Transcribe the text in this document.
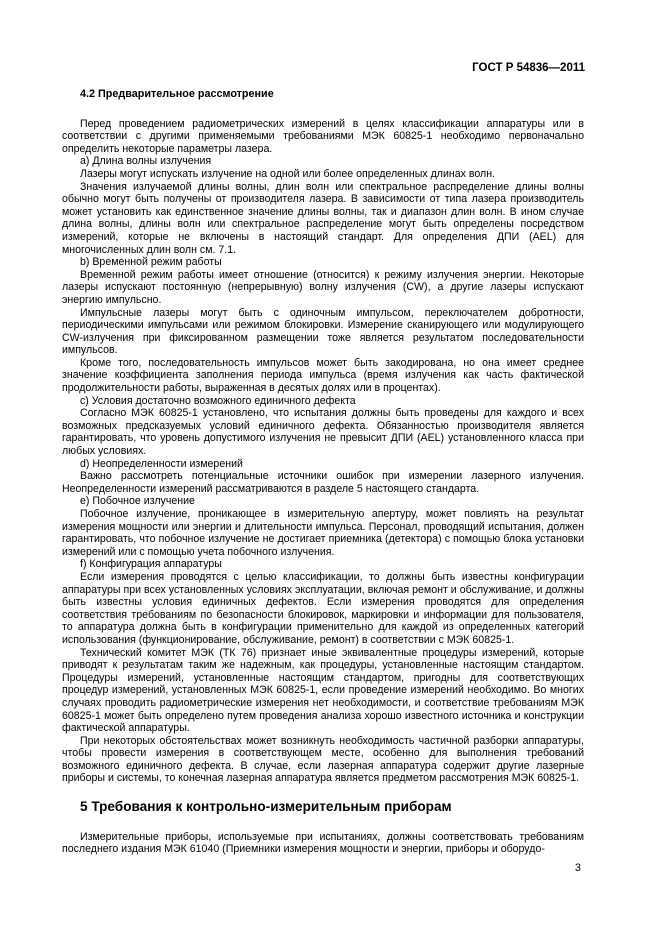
ГОСТ Р 54836—2011
4.2 Предварительное рассмотрение

Перед проведением радиометрических измерений в целях классификации аппаратуры или в соответствии с другими применяемыми требованиями МЭК 60825-1 необходимо первоначально определить некоторые параметры лазера.

а) Длина волны излучения

Лазеры могут испускать излучение на одной или более определенных длинах волн.

Значения излучаемой длины волны, длин волн или спектральное распределение длины волны обычно могут быть получены от производителя лазера. В зависимости от типа лазера производитель может установить как единственное значение длины волны, так и диапазон длин волн. В ином случае длина волны, длины волн или спектральное распределение могут быть определены посредством измерений, которые не включены в настоящий стандарт. Для определения ДПИ (AEL) для многочисленных длин волн см. 7.1.

b) Временной режим работы

Временной режим работы имеет отношение (относится) к режиму излучения энергии. Некоторые лазеры испускают постоянную (непрерывную) волну излучения (CW), а другие лазеры испускают энергию импульсно.

Импульсные лазеры могут быть с одиночным импульсом, переключателем добротности, периодическими импульсами или режимом блокировки. Измерение сканирующего или модулирующего CW-излучения при фиксированном размещении тоже является результатом последовательности импульсов.

Кроме того, последовательность импульсов может быть закодирована, но она имеет среднее значение коэффициента заполнения периода импульса (время излучения как часть фактической продолжительности работы, выраженная в десятых долях или в процентах).

с) Условия достаточно возможного единичного дефекта

Согласно МЭК 60825-1 установлено, что испытания должны быть проведены для каждого и всех возможных предсказуемых условий единичного дефекта. Обязанностью производителя является гарантировать, что уровень допустимого излучения не превысит ДПИ (AEL) установленного класса при любых условиях.

d) Неопределенности измерений

Важно рассмотреть потенциальные источники ошибок при измерении лазерного излучения. Неопределенности измерений рассматриваются в разделе 5 настоящего стандарта.

е) Побочное излучение

Побочное излучение, проникающее в измерительную апертуру, может повлиять на результат измерения мощности или энергии и длительности импульса. Персонал, проводящий испытания, должен гарантировать, что побочное излучение не достигает приемника (детектора) с помощью блока установки измерений или с помощью учета побочного излучения.

f) Конфигурация аппаратуры

Если измерения проводятся с целью классификации, то должны быть известны конфигурации аппаратуры при всех установленных условиях эксплуатации, включая ремонт и обслуживание, и должны быть известны условия единичных дефектов. Если измерения проводятся для определения соответствия требованиям по безопасности блокировок, маркировки и информации для пользователя, то аппаратура должна быть в конфигурации применительно для каждой из определенных категорий использования (функционирование, обслуживание, ремонт) в соответствии с МЭК 60825-1.

Технический комитет МЭК (ТК 76) признает иные эквивалентные процедуры измерений, которые приводят к результатам таким же надежным, как процедуры, установленные настоящим стандартом. Процедуры измерений, установленные настоящим стандартом, пригодны для соответствующих процедур измерений, установленных МЭК 60825-1, если проведение измерений необходимо. Во многих случаях проводить радиометрические измерения нет необходимости, и соответствие требованиям МЭК 60825-1 может быть определено путем проведения анализа хорошо известного источника и конструкции фактической аппаратуры.

При некоторых обстоятельствах может возникнуть необходимость частичной разборки аппаратуры, чтобы провести измерения в соответствующем месте, особенно для выполнения требований возможного единичного дефекта. В случае, если лазерная аппаратура содержит другие лазерные приборы и системы, то конечная лазерная аппаратура является предметом рассмотрения МЭК 60825-1.

5 Требования к контрольно-измерительным приборам

Измерительные приборы, используемые при испытаниях, должны соответствовать требованиям последнего издания МЭК 61040 (Приемники измерения мощности и энергии, приборы и оборудо-

3
